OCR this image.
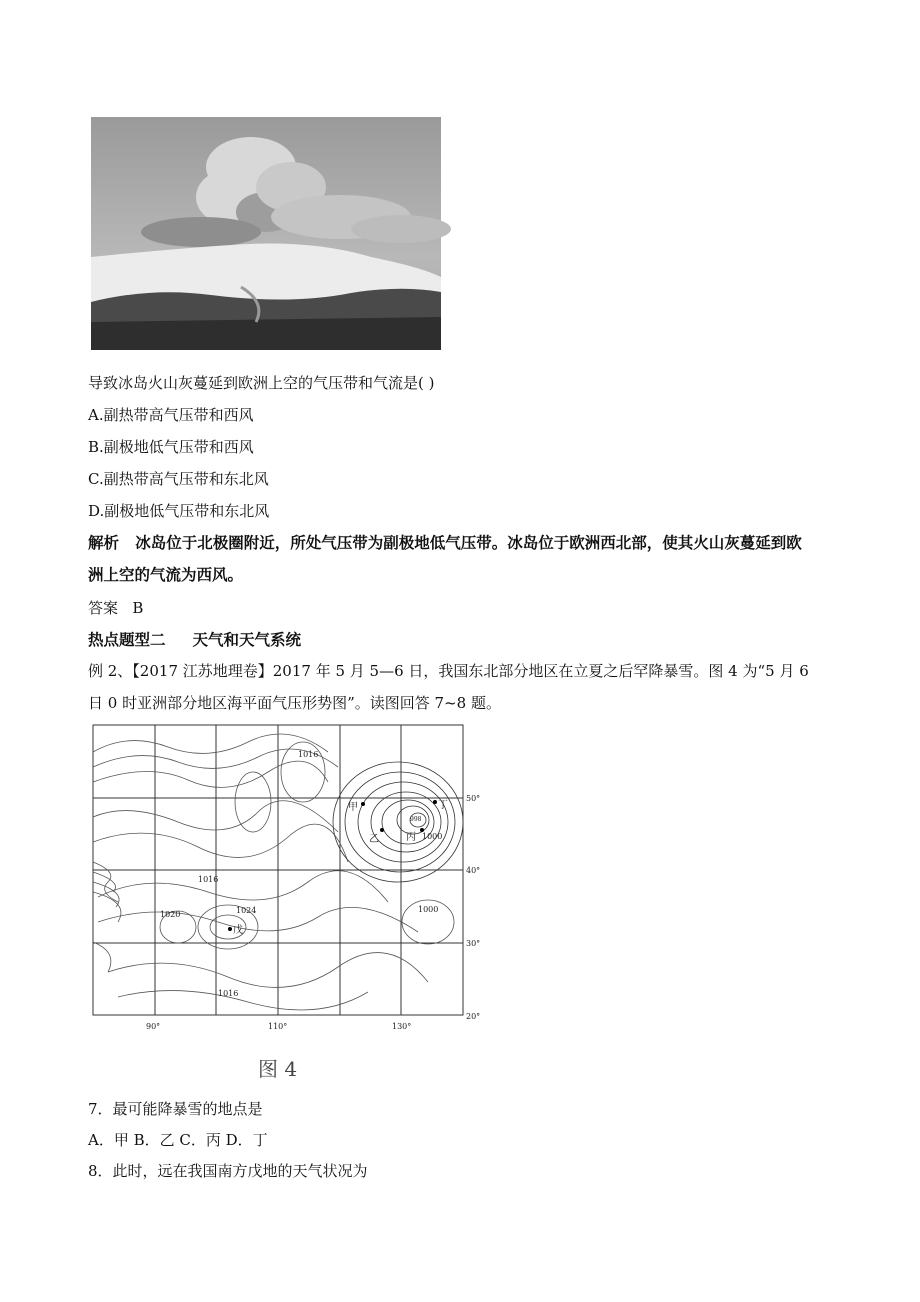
导致冰岛火山灰蔓延到欧洲上空的气压带和气流是( )
A.副热带高气压带和西风
B.副极地低气压带和西风
C.副热带高气压带和东北风
D.副极地低气压带和东北风
解析 冰岛位于北极圈附近，所处气压带为副极地低气压带。冰岛位于欧洲西北部，使其火山灰蔓延到欧
洲上空的气流为西风。
答案 B
热点题型二 天气和天气系统
例 2、【2017 江苏地理卷】2017 年 5 月 5—6 日，我国东北部分地区在立夏之后罕降暴雪。图 4 为“5 月 6
日 0 时亚洲部分地区海平面气压形势图”。读图回答 7~8 题。
1016
1016
1020	1024
1016
1000
1000
998
甲
乙	丙
丁
戊
50°
40°
30°
20°
90°	110°	130°
图 4
7．最可能降暴雪的地点是
A．甲 B．乙 C．丙 D．丁
8．此时，远在我国南方戊地的天气状况为
